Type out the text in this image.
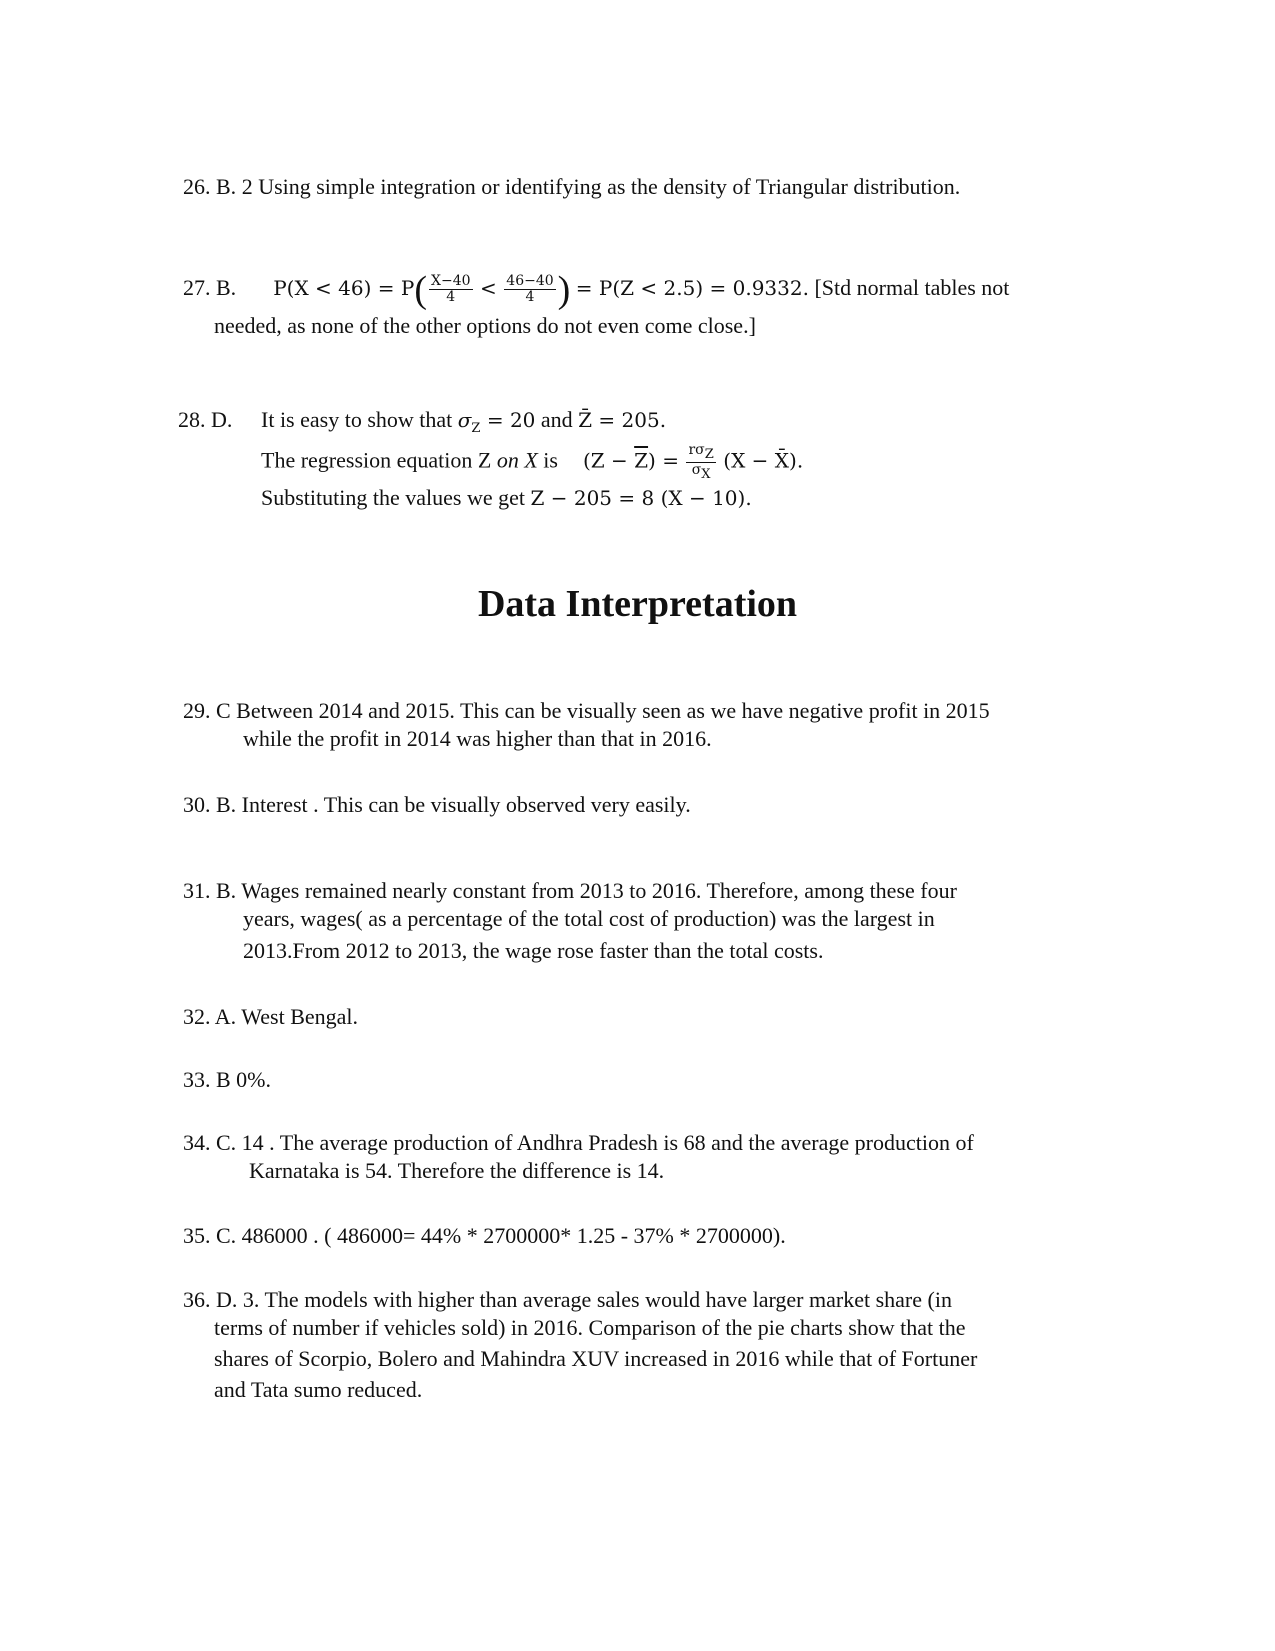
26. B. 2 Using simple integration or identifying as the density of Triangular distribution.
27. B. $P(X < 46) = P( \frac{X-40}{4} < \frac{46-40}{4}$ ) = P(Z < 2.5) = 0.9332. [Std normal tables not
needed, as none of the other options do not even come close.]
28. D. It is easy to show that $\sigma_Z = 20$ and Z̄ = 205.
The regression equation Z on X is $(Z - \overline{Z}) = \frac{r\sigma_Z}{\sigma_X} (X$ − X̄).
Substituting the values we get Z − 205 = 8 (X − 10).
Data Interpretation
29. C Between 2014 and 2015. This can be visually seen as we have negative profit in 2015
while the profit in 2014 was higher than that in 2016.
30. B. Interest . This can be visually observed very easily.
31. B. Wages remained nearly constant from 2013 to 2016. Therefore, among these four
years, wages( as a percentage of the total cost of production) was the largest in
2013.From 2012 to 2013, the wage rose faster than the total costs.
32. A. West Bengal.
33. B 0%.
34. C. 14 . The average production of Andhra Pradesh is 68 and the average production of
Karnataka is 54. Therefore the difference is 14.
35. C. 486000 . ( 486000= 44% * 2700000* 1.25 - 37% * 2700000).
36. D. 3. The models with higher than average sales would have larger market share (in
terms of number if vehicles sold) in 2016. Comparison of the pie charts show that the
shares of Scorpio, Bolero and Mahindra XUV increased in 2016 while that of Fortuner
and Tata sumo reduced.
